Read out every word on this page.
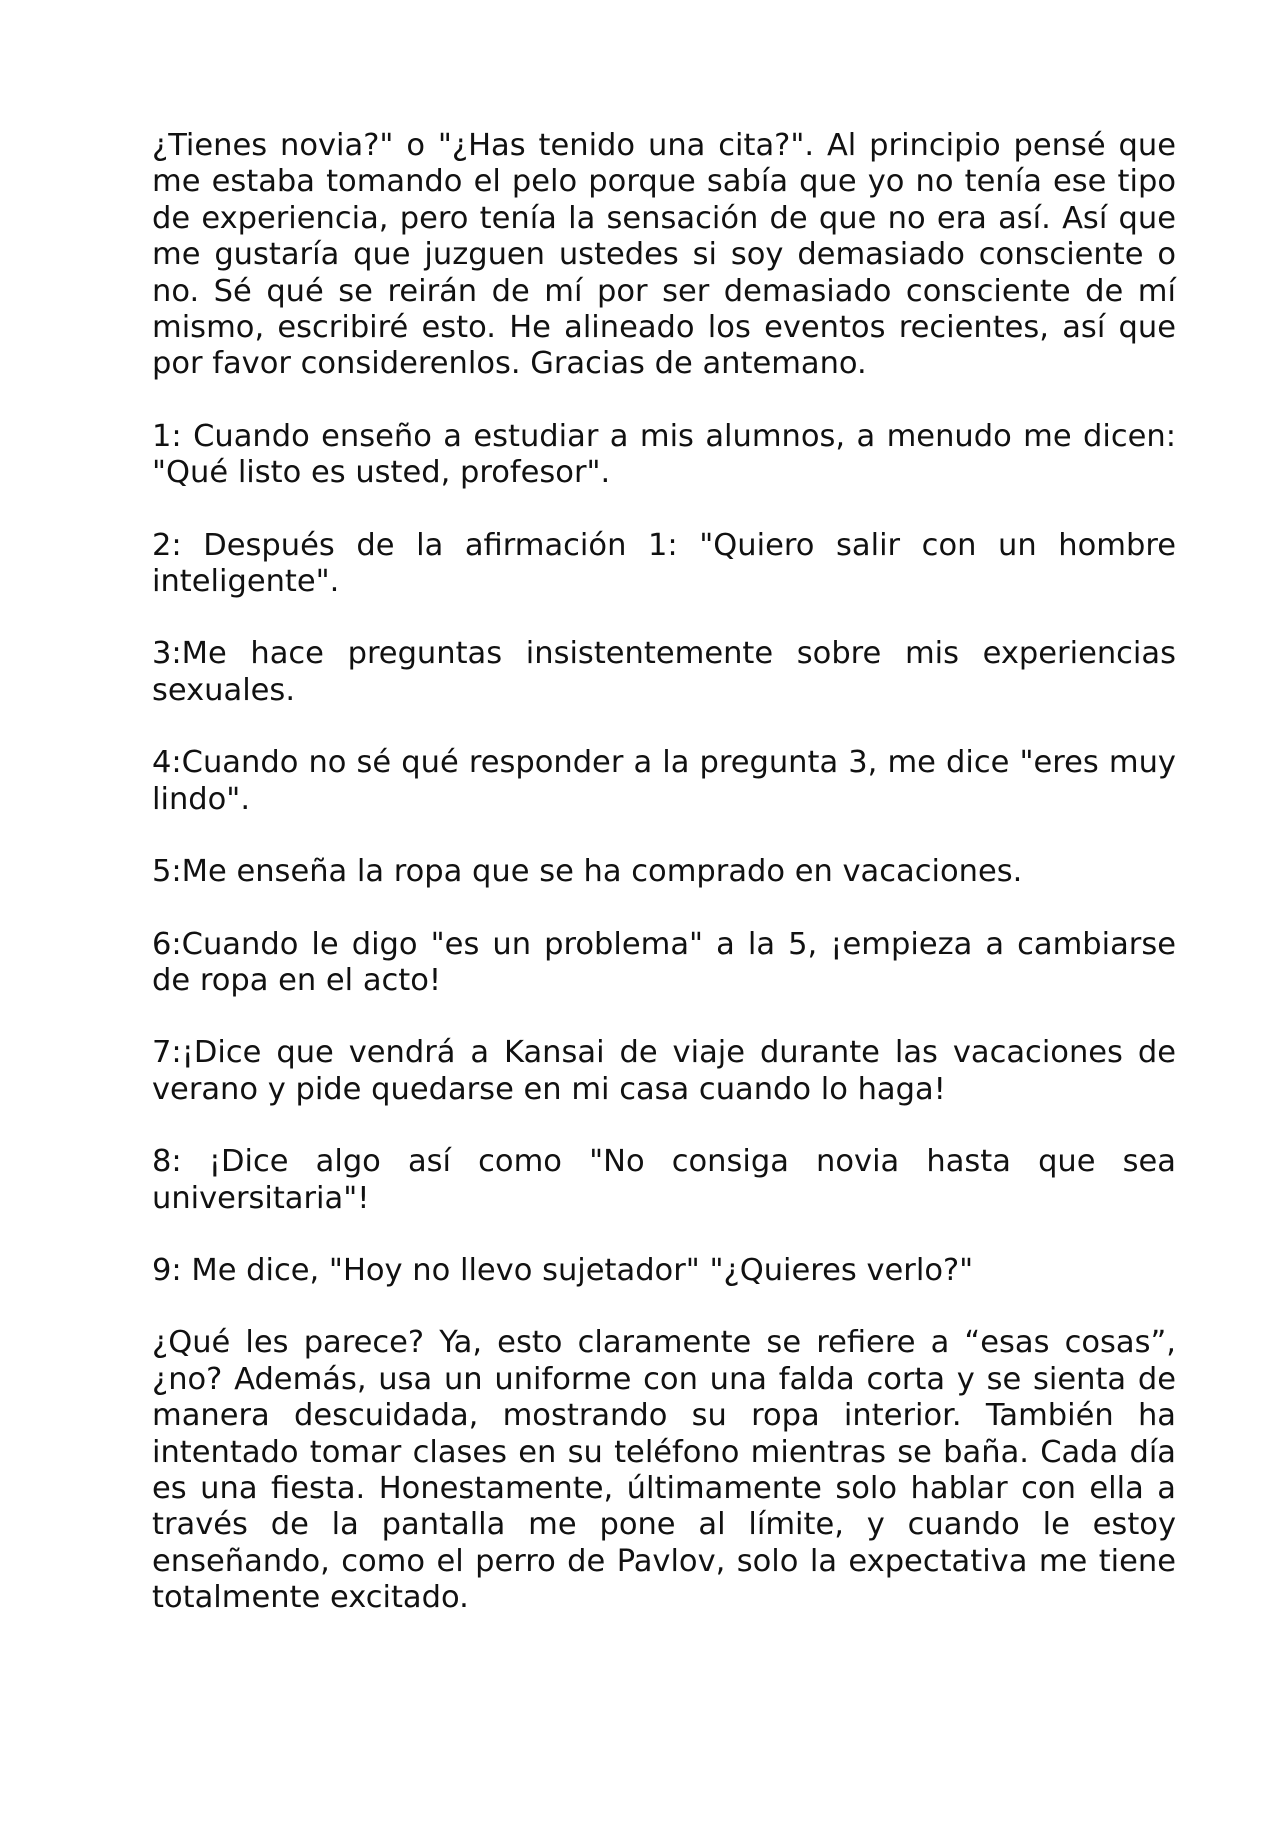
¿Tienes novia?" o "¿Has tenido una cita?". Al principio pensé que me estaba tomando el pelo porque sabía que yo no tenía ese tipo de experiencia, pero tenía la sensación de que no era así. Así que me gustaría que juzguen ustedes si soy demasiado consciente o no. Sé qué se reirán de mí por ser demasiado consciente de mí mismo, escribiré esto. He alineado los eventos recientes, así que por favor considerenlos. Gracias de antemano.

1: Cuando enseño a estudiar a mis alumnos, a menudo me dicen: "Qué listo es usted, profesor".

2: Después de la afirmación 1: "Quiero salir con un hombre inteligente".

3:Me hace preguntas insistentemente sobre mis experiencias sexuales.

4:Cuando no sé qué responder a la pregunta 3, me dice "eres muy lindo".

5:Me enseña la ropa que se ha comprado en vacaciones.

6:Cuando le digo "es un problema" a la 5, ¡empieza a cambiarse de ropa en el acto!

7:¡Dice que vendrá a Kansai de viaje durante las vacaciones de verano y pide quedarse en mi casa cuando lo haga!

8: ¡Dice algo así como "No consiga novia hasta que sea universitaria"!

9: Me dice, "Hoy no llevo sujetador" "¿Quieres verlo?"

¿Qué les parece? Ya, esto claramente se refiere a “esas cosas”, ¿no? Además, usa un uniforme con una falda corta y se sienta de manera descuidada, mostrando su ropa interior. También ha intentado tomar clases en su teléfono mientras se baña. Cada día es una fiesta. Honestamente, últimamente solo hablar con ella a través de la pantalla me pone al límite, y cuando le estoy enseñando, como el perro de Pavlov, solo la expectativa me tiene totalmente excitado.
